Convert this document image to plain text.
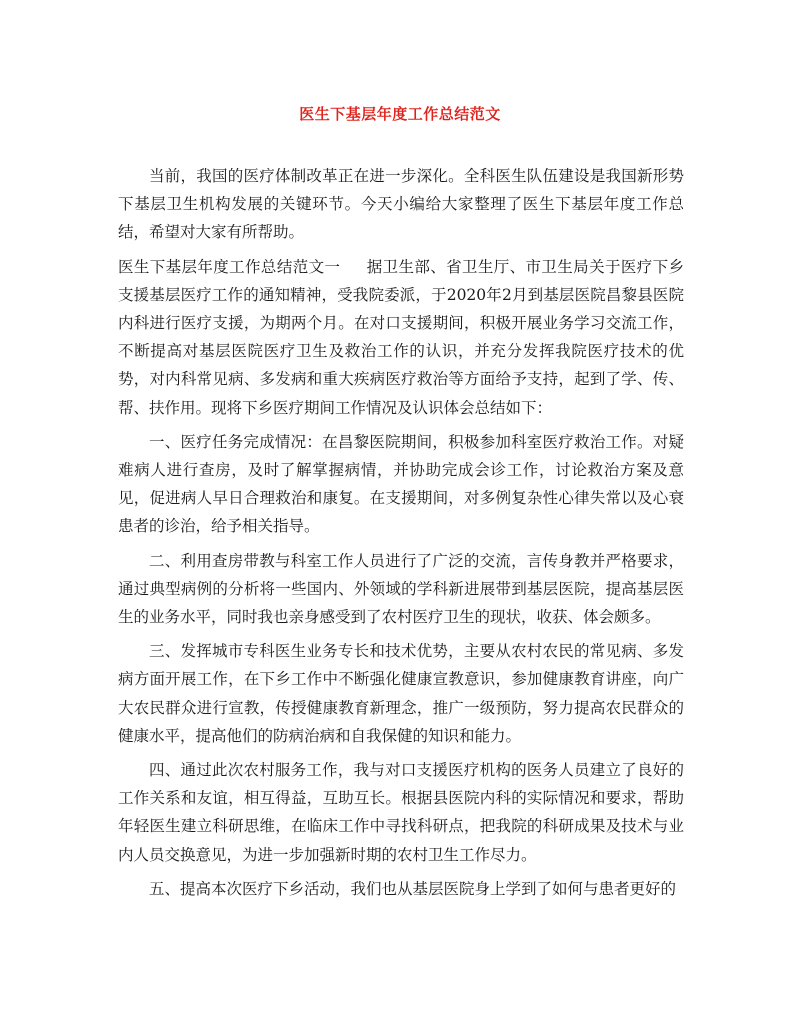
医生下基层年度工作总结范文

当前，我国的医疗体制改革正在进一步深化。全科医生队伍建设是我国新形势下基层卫生机构发展的关键环节。今天小编给大家整理了医生下基层年度工作总结，希望对大家有所帮助。

医生下基层年度工作总结范文一 据卫生部、省卫生厅、市卫生局关于医疗下乡支援基层医疗工作的通知精神，受我院委派，于2020年2月到基层医院昌黎县医院内科进行医疗支援，为期两个月。在对口支援期间，积极开展业务学习交流工作，不断提高对基层医院医疗卫生及救治工作的认识，并充分发挥我院医疗技术的优势，对内科常见病、多发病和重大疾病医疗救治等方面给予支持，起到了学、传、帮、扶作用。现将下乡医疗期间工作情况及认识体会总结如下：

一、医疗任务完成情况：在昌黎医院期间，积极参加科室医疗救治工作。对疑难病人进行查房，及时了解掌握病情，并协助完成会诊工作，讨论救治方案及意见，促进病人早日合理救治和康复。在支援期间，对多例复杂性心律失常以及心衰患者的诊治，给予相关指导。

二、利用查房带教与科室工作人员进行了广泛的交流，言传身教并严格要求，通过典型病例的分析将一些国内、外领域的学科新进展带到基层医院，提高基层医生的业务水平，同时我也亲身感受到了农村医疗卫生的现状，收获、体会颇多。

三、发挥城市专科医生业务专长和技术优势，主要从农村农民的常见病、多发病方面开展工作，在下乡工作中不断强化健康宣教意识，参加健康教育讲座，向广大农民群众进行宣教，传授健康教育新理念，推广一级预防，努力提高农民群众的健康水平，提高他们的防病治病和自我保健的知识和能力。

四、通过此次农村服务工作，我与对口支援医疗机构的医务人员建立了良好的工作关系和友谊，相互得益，互助互长。根据县医院内科的实际情况和要求，帮助年轻医生建立科研思维，在临床工作中寻找科研点，把我院的科研成果及技术与业内人员交换意见，为进一步加强新时期的农村卫生工作尽力。

五、提高本次医疗下乡活动，我们也从基层医院身上学到了如何与患者更好的
